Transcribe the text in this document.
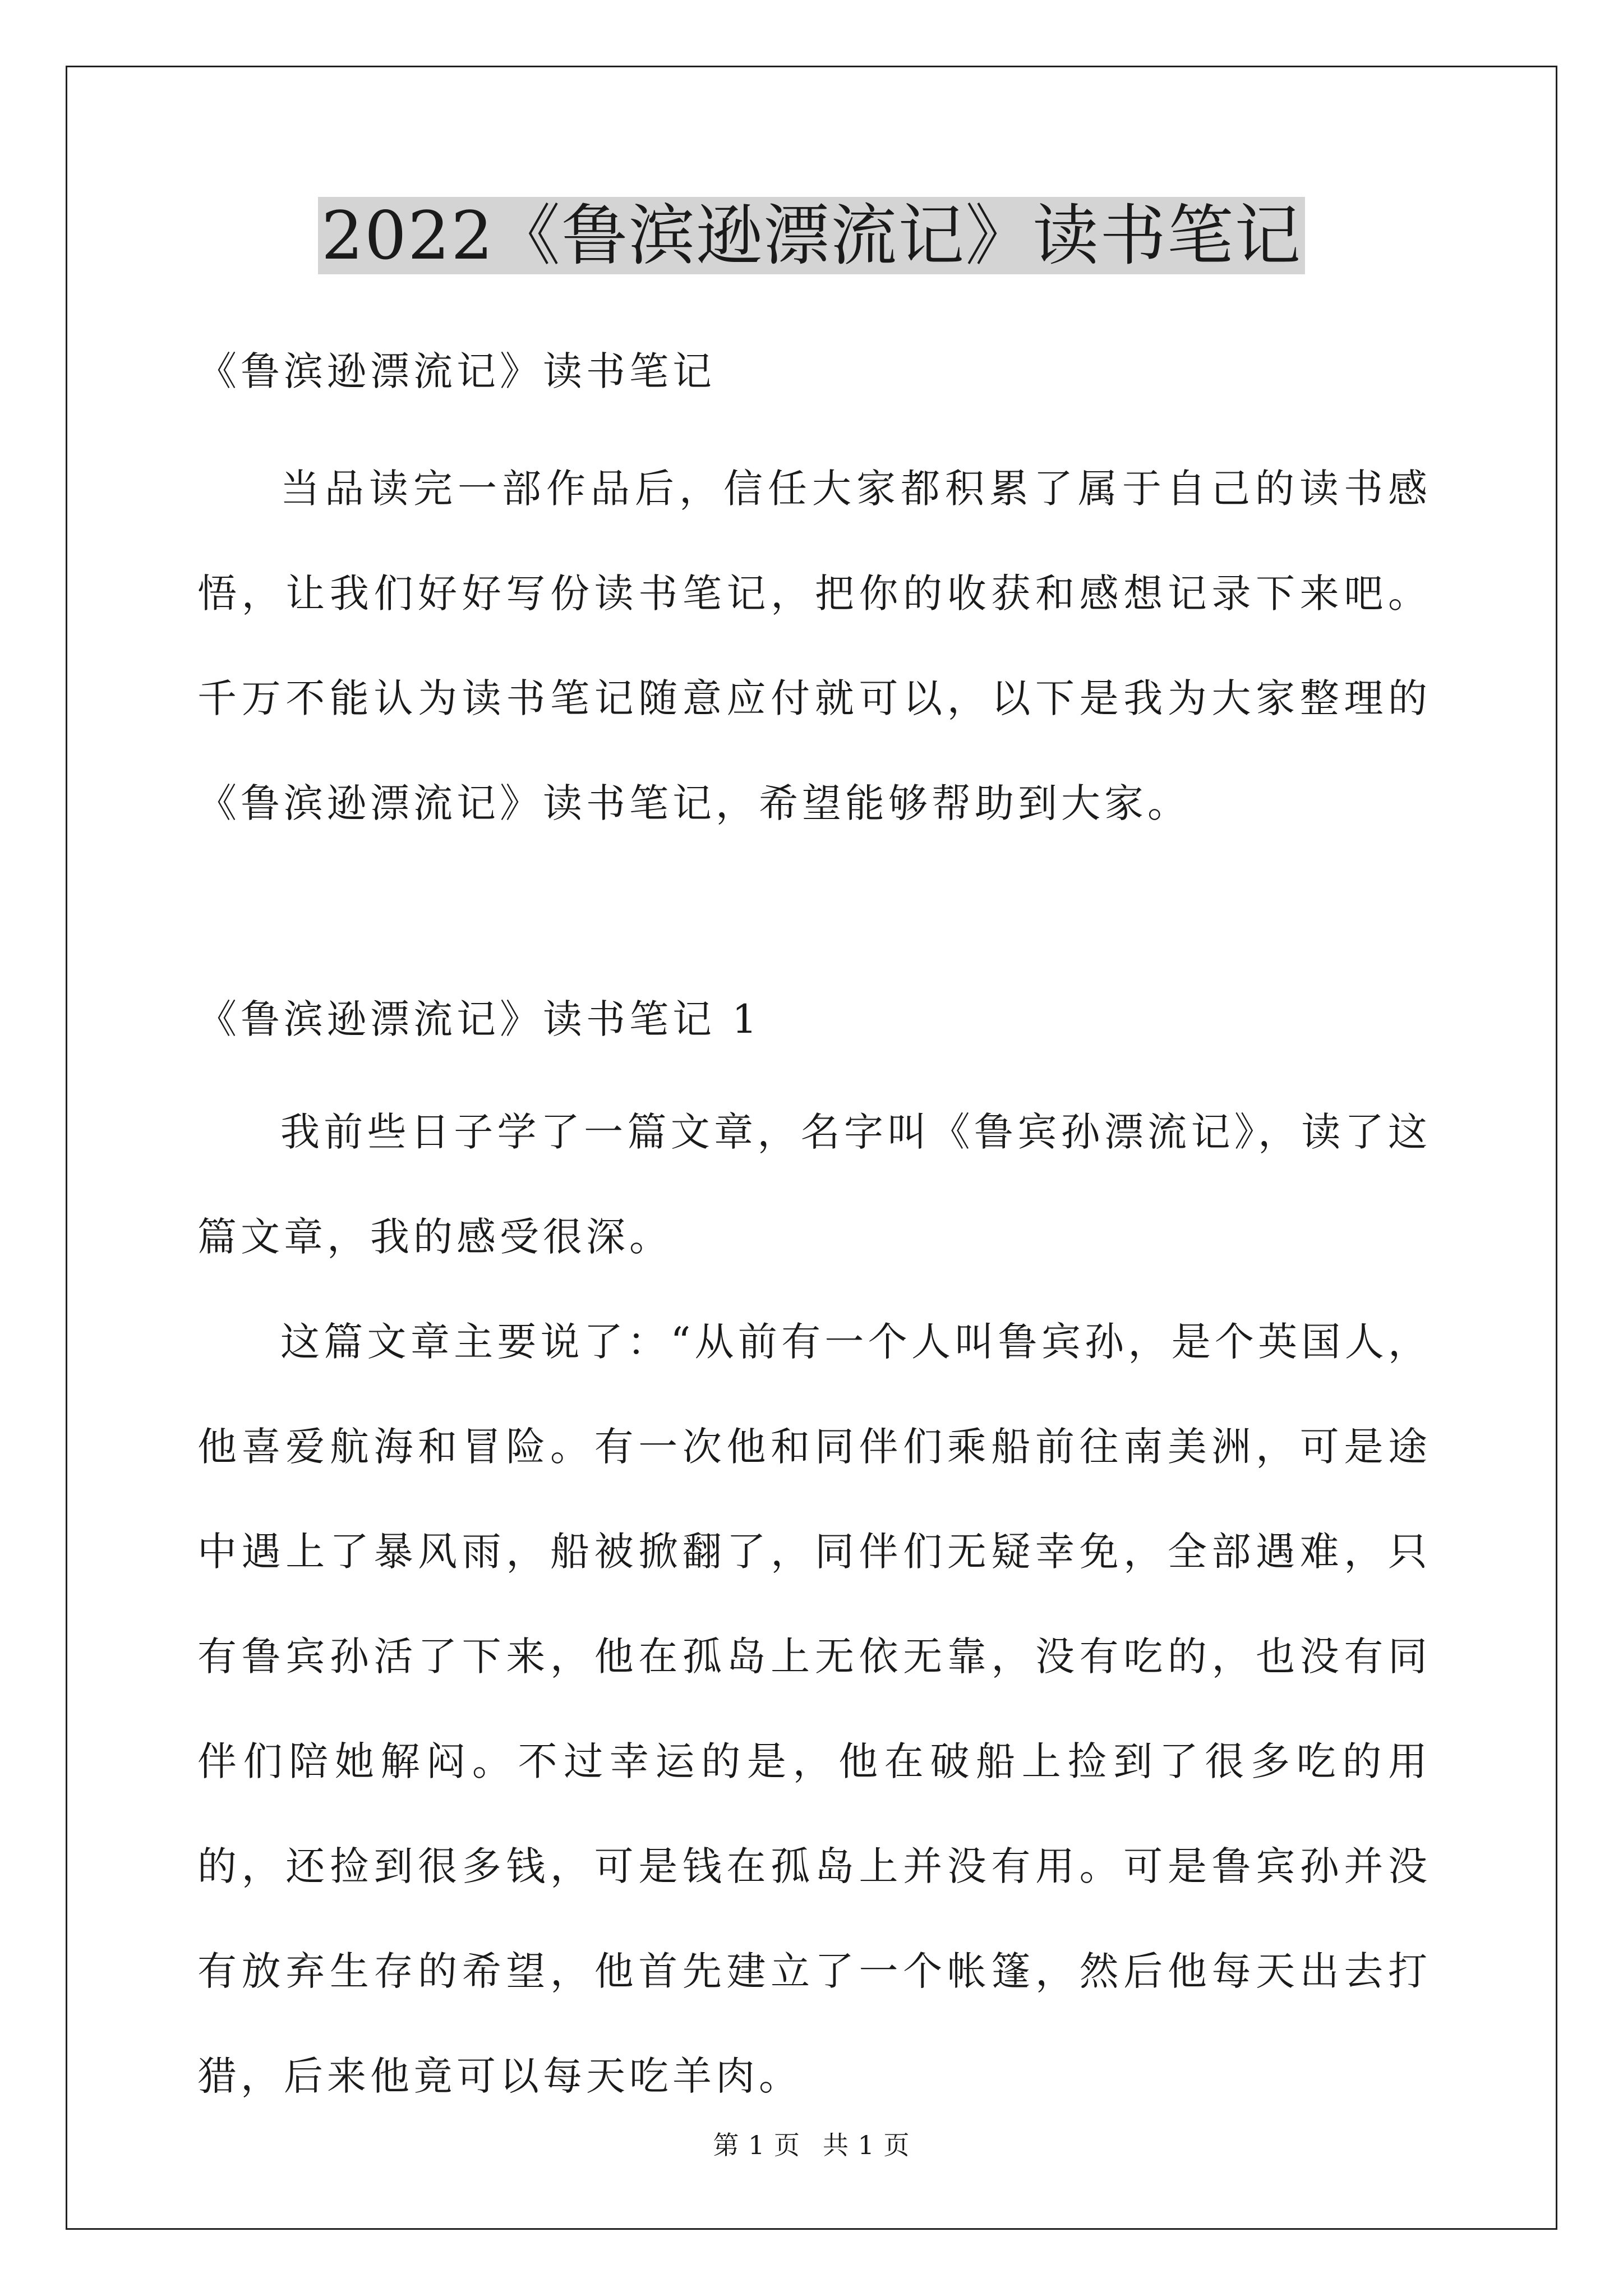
2022《鲁滨逊漂流记》读书笔记
《鲁滨逊漂流记》读书笔记

当品读完一部作品后，信任大家都积累了属于自己的读书感悟，让我们好好写份读书笔记，把你的收获和感想记录下来吧。千万不能认为读书笔记随意应付就可以，以下是我为大家整理的《鲁滨逊漂流记》读书笔记，希望能够帮助到大家。

《鲁滨逊漂流记》读书笔记 1

我前些日子学了一篇文章，名字叫《鲁宾孙漂流记》，读了这篇文章，我的感受很深。

这篇文章主要说了：“从前有一个人叫鲁宾孙，是个英国人，他喜爱航海和冒险。有一次他和同伴们乘船前往南美洲，可是途中遇上了暴风雨，船被掀翻了，同伴们无疑幸免，全部遇难，只有鲁宾孙活了下来，他在孤岛上无依无靠，没有吃的，也没有同伴们陪她解闷。不过幸运的是，他在破船上捡到了很多吃的用的，还捡到很多钱，可是钱在孤岛上并没有用。可是鲁宾孙并没有放弃生存的希望，他首先建立了一个帐篷，然后他每天出去打猎，后来他竟可以每天吃羊肉。

第 1 页 共 1 页
